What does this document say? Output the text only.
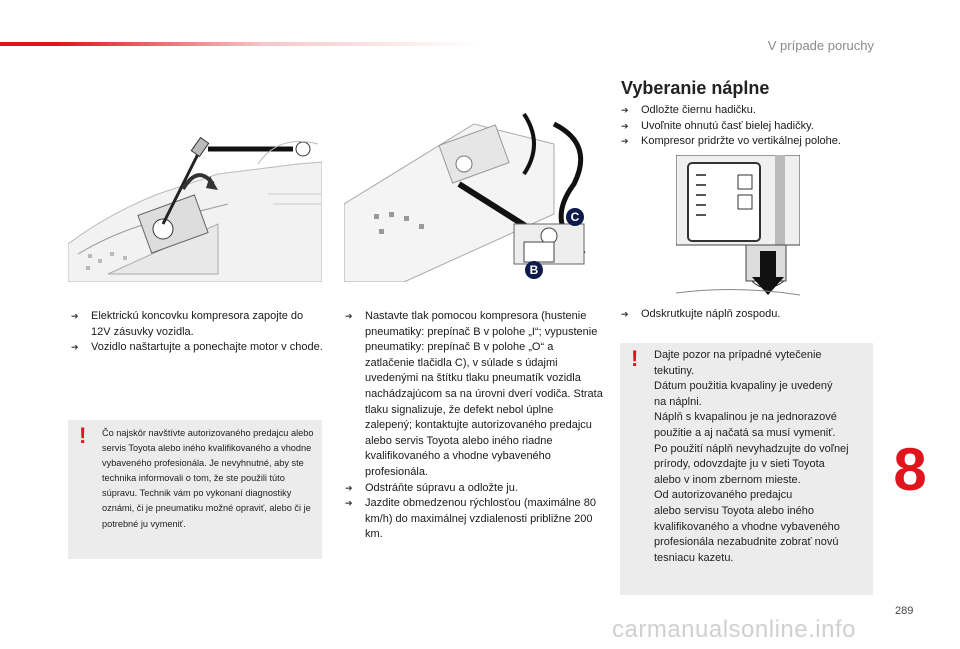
V prípade poruchy
C
B
Vyberanie náplne
➔	Odložte čiernu hadičku.
➔	Uvoľnite ohnutú časť bielej hadičky.
➔	Kompresor pridržte vo vertikálnej polohe.
➔	Odskrutkujte náplň zospodu.
! Dajte pozor na prípadné vytečenie
tekutiny.
Dátum použitia kvapaliny je uvedený
na náplni.
Náplň s kvapalinou je na jednorazové
použitie a aj načatá sa musí vymeniť.
Po použití náplň nevyhadzujte do voľnej
prírody, odovzdajte ju v sieti Toyota
alebo v inom zbernom mieste.
Od autorizovaného predajcu
alebo servisu Toyota alebo iného
kvalifikovaného a vhodne vybaveného
profesionála nezabudnite zobrať novú
tesniacu kazetu.
➔	Elektrickú koncovku kompresora zapojte do 12V zásuvky vozidla.
➔	Vozidlo naštartujte a ponechajte motor v chode.
! Čo najskôr navštívte autorizovaného predajcu alebo servis Toyota alebo iného kvalifikovaného a vhodne vybaveného profesionála. Je nevyhnutné, aby ste technika informovali o tom, že ste použili túto súpravu. Technik vám po vykonaní diagnostiky oznámi, či je pneumatiku možné opraviť, alebo či je potrebné ju vymeniť.
➔	Nastavte tlak pomocou kompresora (hustenie pneumatiky: prepínač B v polohe „I“; vypustenie pneumatiky: prepínač B v polohe „O“ a zatlačenie tlačidla C), v súlade s údajmi uvedenými na štítku tlaku pneumatík vozidla nachádzajúcom sa na úrovni dverí vodiča. Strata tlaku signalizuje, že defekt nebol úplne zalepený; kontaktujte autorizovaného predajcu alebo servis Toyota alebo iného riadne kvalifikovaného a vhodne vybaveného profesionála.
➔	Odstráňte súpravu a odložte ju.
➔	Jazdite obmedzenou rýchlosťou (maximálne 80 km/h) do maximálnej vzdialenosti približne 200 km.
8
289
carmanualsonline.info
